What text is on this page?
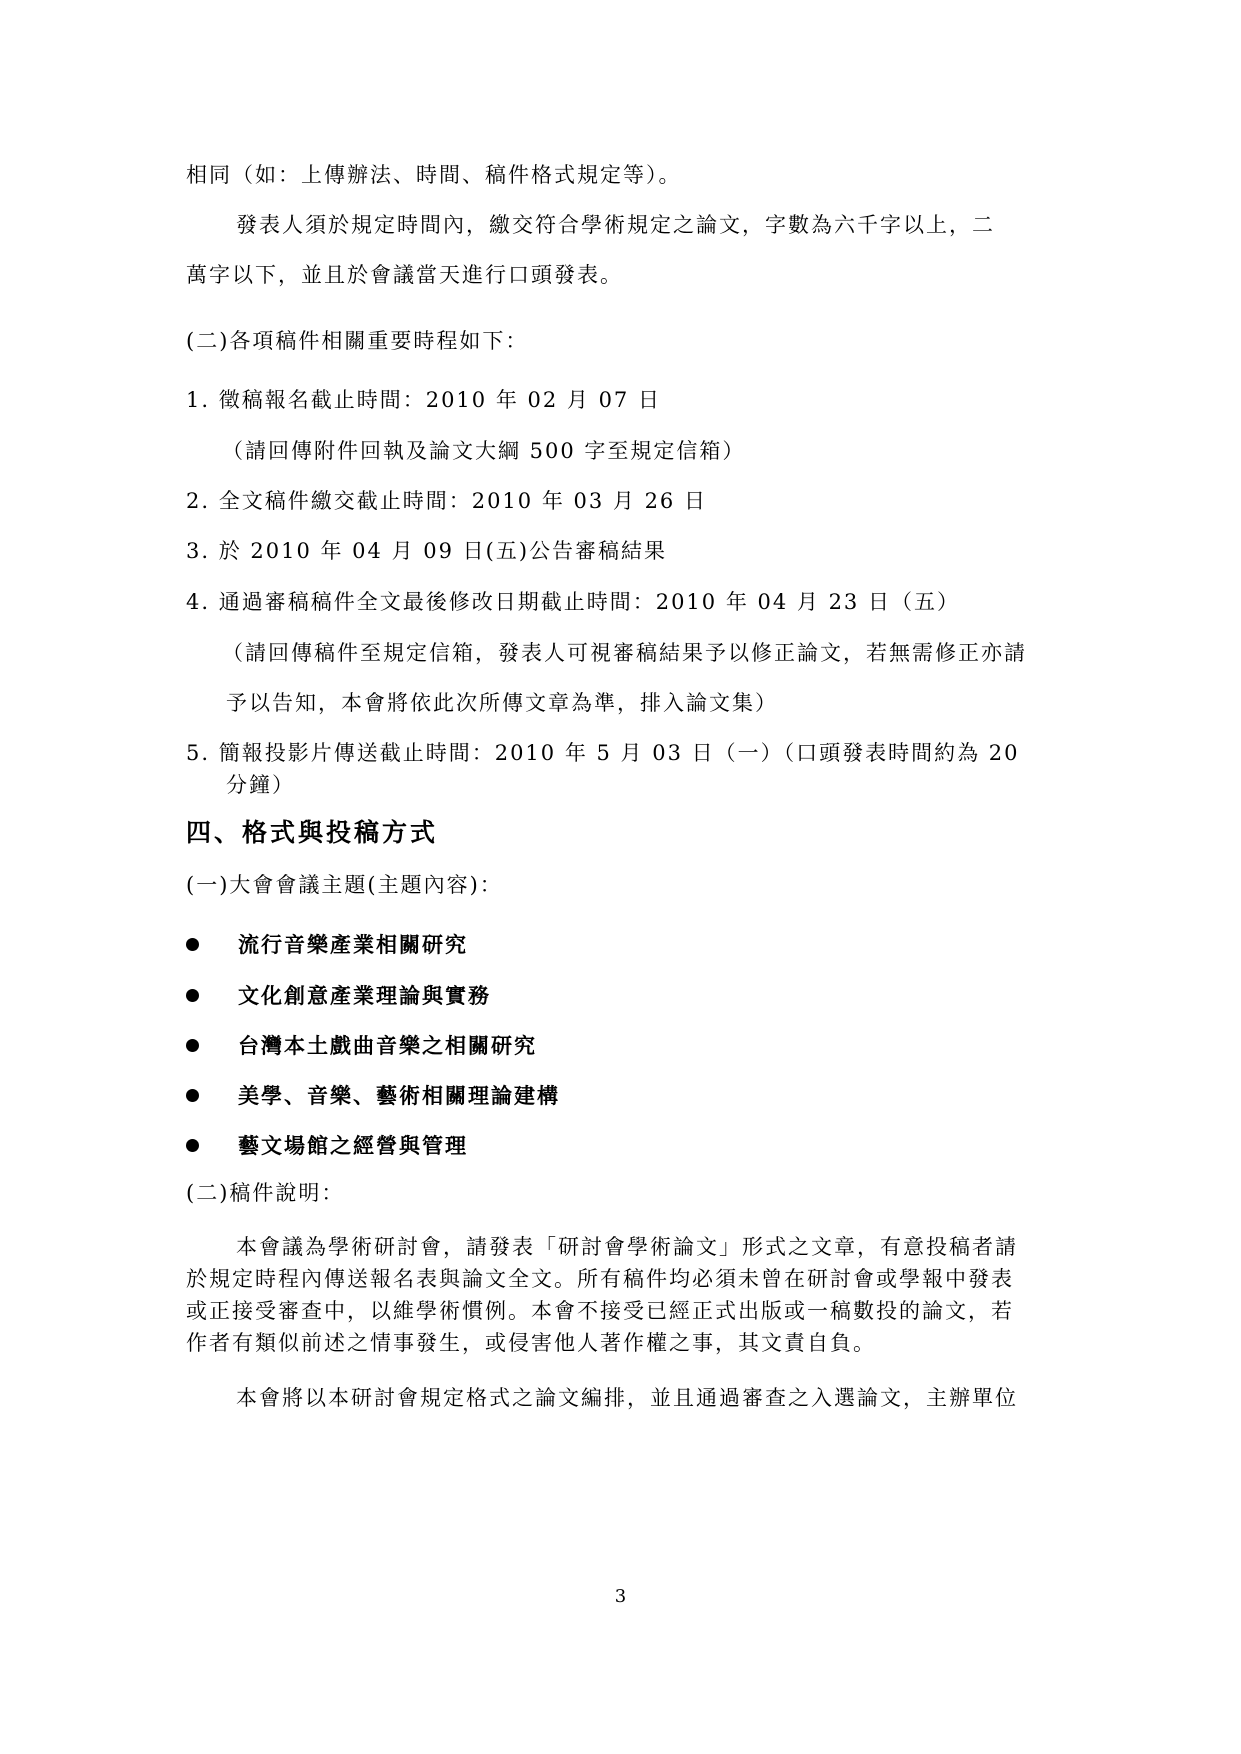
相同（如：上傳辦法、時間、稿件格式規定等）。
發表人須於規定時間內，繳交符合學術規定之論文，字數為六千字以上，二
萬字以下，並且於會議當天進行口頭發表。
(二)各項稿件相關重要時程如下：
1. 徵稿報名截止時間：2010 年 02 月 07 日
（請回傳附件回執及論文大綱 500 字至規定信箱）
2. 全文稿件繳交截止時間：2010 年 03 月 26 日
3. 於 2010 年 04 月 09 日(五)公告審稿結果
4. 通過審稿稿件全文最後修改日期截止時間：2010 年 04 月 23 日（五）
（請回傳稿件至規定信箱，發表人可視審稿結果予以修正論文，若無需修正亦請
予以告知，本會將依此次所傳文章為準，排入論文集）
5. 簡報投影片傳送截止時間：2010 年 5 月 03 日（一）（口頭發表時間約為 20
分鐘）
四、格式與投稿方式
(一)大會會議主題(主題內容)：
流行音樂產業相關研究
文化創意產業理論與實務
台灣本土戲曲音樂之相關研究
美學、音樂、藝術相關理論建構
藝文場館之經營與管理
(二)稿件說明：
本會議為學術研討會，請發表「研討會學術論文」形式之文章，有意投稿者請
於規定時程內傳送報名表與論文全文。所有稿件均必須未曾在研討會或學報中發表
或正接受審查中，以維學術慣例。本會不接受已經正式出版或一稿數投的論文，若
作者有類似前述之情事發生，或侵害他人著作權之事，其文責自負。
本會將以本研討會規定格式之論文編排，並且通過審查之入選論文，主辦單位
3
